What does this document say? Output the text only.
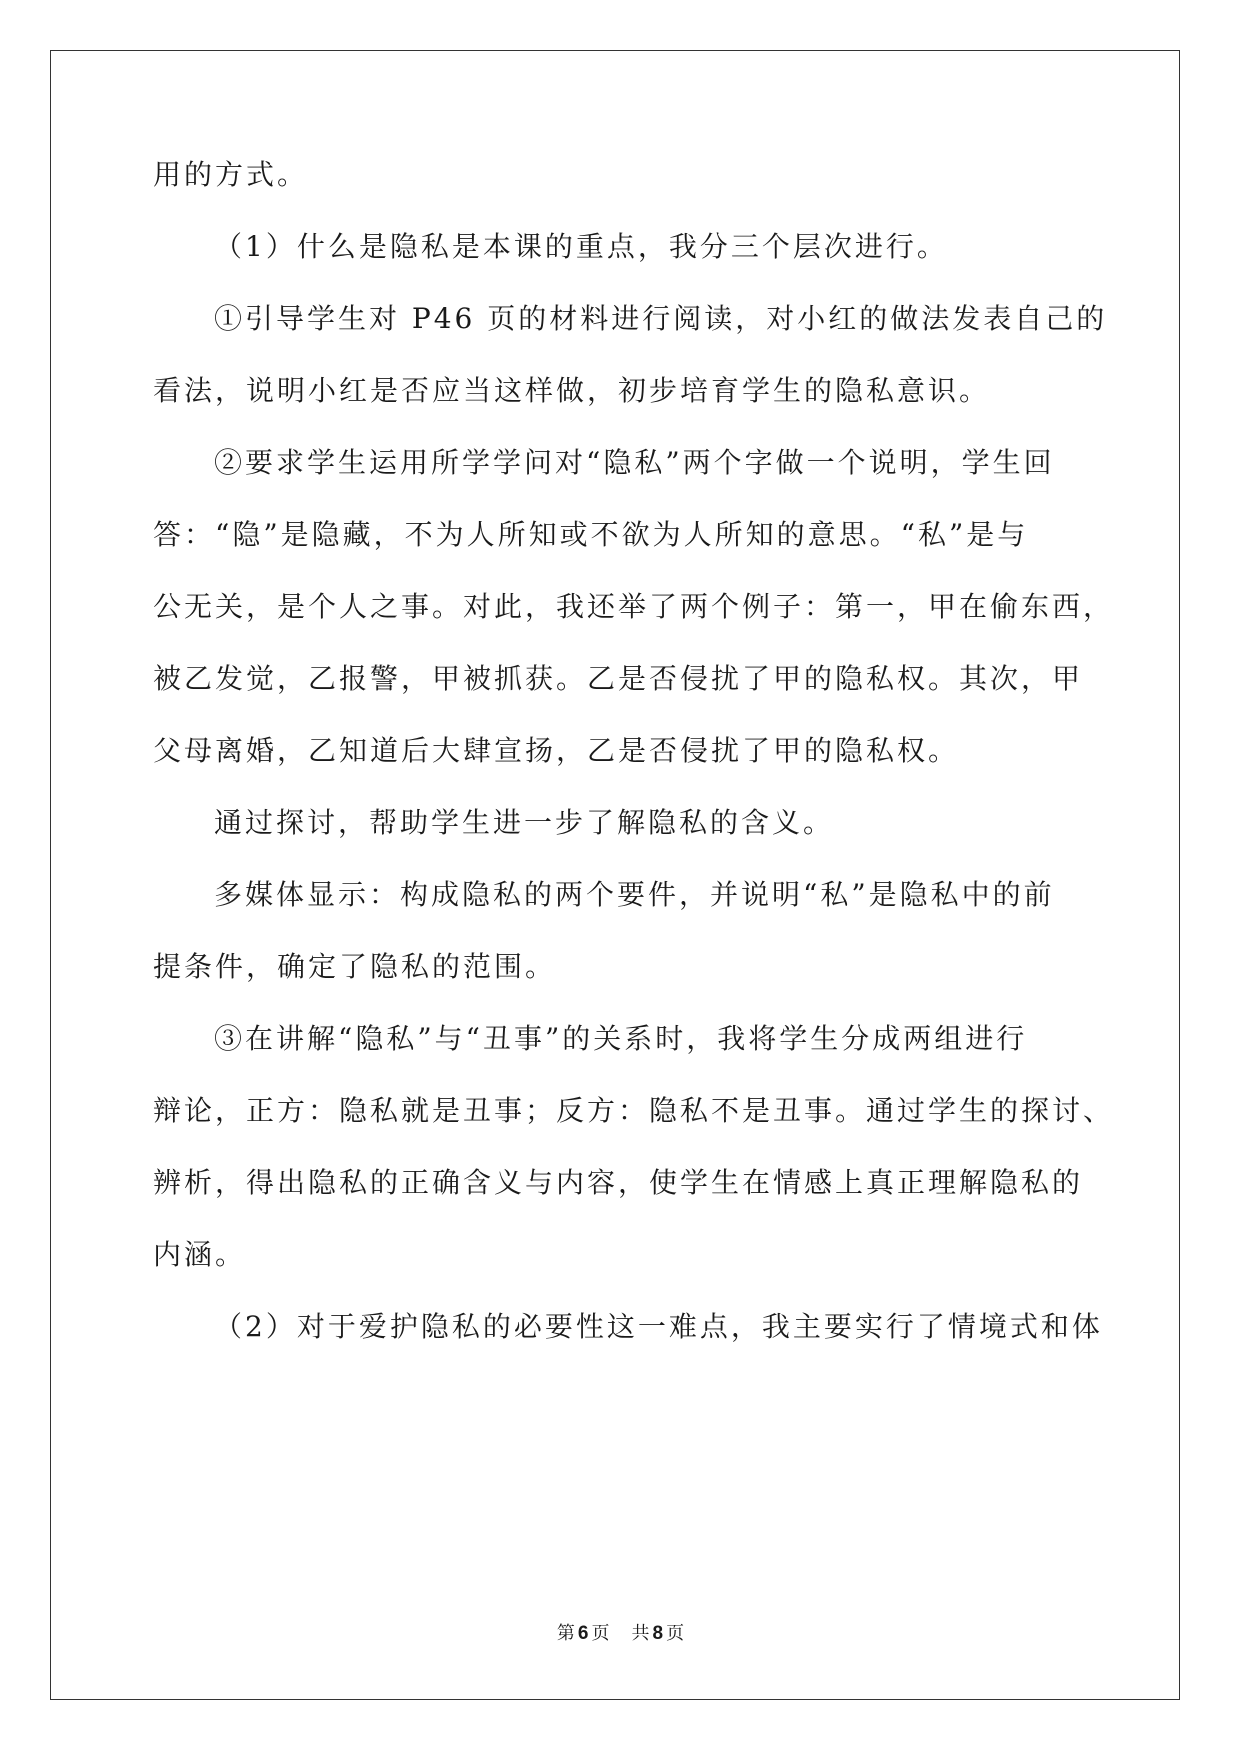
用的方式。
（1）什么是隐私是本课的重点，我分三个层次进行。
①引导学生对 P46 页的材料进行阅读，对小红的做法发表自己的
看法，说明小红是否应当这样做，初步培育学生的隐私意识。
②要求学生运用所学学问对“隐私”两个字做一个说明，学生回
答：“隐”是隐藏，不为人所知或不欲为人所知的意思。“私”是与
公无关，是个人之事。对此，我还举了两个例子：第一，甲在偷东西，
被乙发觉，乙报警，甲被抓获。乙是否侵扰了甲的隐私权。其次，甲
父母离婚，乙知道后大肆宣扬，乙是否侵扰了甲的隐私权。
通过探讨，帮助学生进一步了解隐私的含义。
多媒体显示：构成隐私的两个要件，并说明“私”是隐私中的前
提条件，确定了隐私的范围。
③在讲解“隐私”与“丑事”的关系时，我将学生分成两组进行
辩论，正方：隐私就是丑事；反方：隐私不是丑事。通过学生的探讨、
辨析，得出隐私的正确含义与内容，使学生在情感上真正理解隐私的
内涵。
（2）对于爱护隐私的必要性这一难点，我主要实行了情境式和体
第 6 页 共 8 页
